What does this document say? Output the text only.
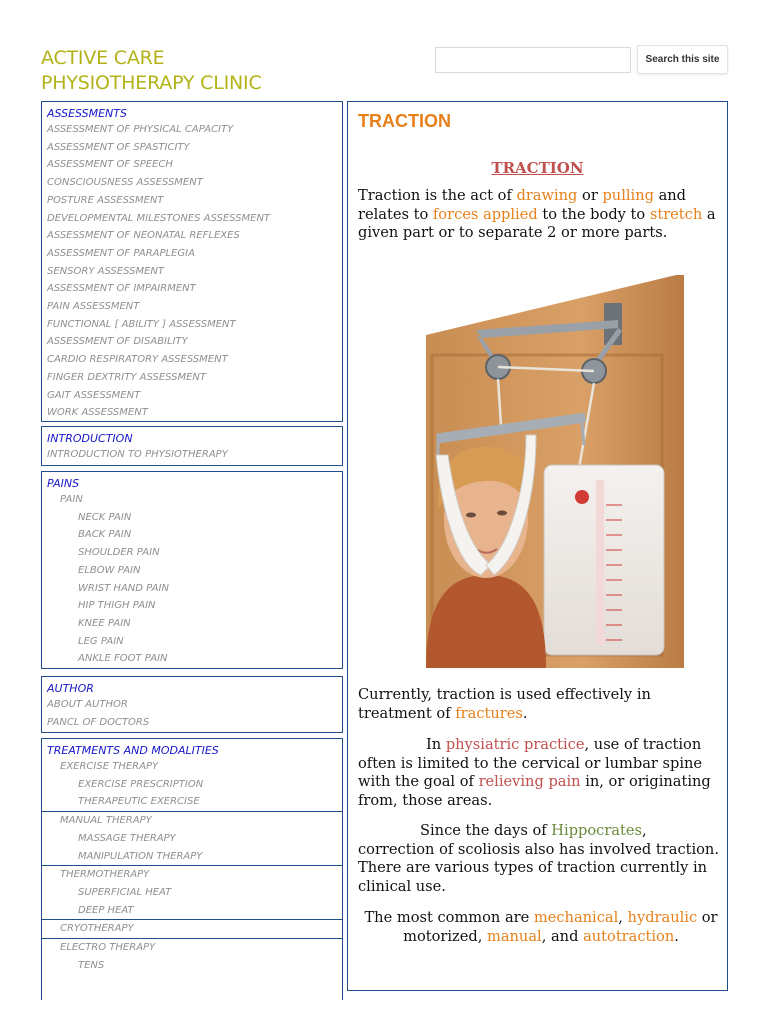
ACTIVE CARE
PHYSIOTHERAPY CLINIC
Search this site
ASSESSMENTS
ASSESSMENT OF PHYSICAL CAPACITY
ASSESSMENT OF SPASTICITY
ASSESSMENT OF SPEECH
CONSCIOUSNESS ASSESSMENT
POSTURE ASSESSMENT
DEVELOPMENTAL MILESTONES ASSESSMENT
ASSESSMENT OF NEONATAL REFLEXES
ASSESSMENT OF PARAPLEGIA
SENSORY ASSESSMENT
ASSESSMENT OF IMPAIRMENT
PAIN ASSESSMENT
FUNCTIONAL [ ABILITY ] ASSESSMENT
ASSESSMENT OF DISABILITY
CARDIO RESPIRATORY ASSESSMENT
FINGER DEXTRITY ASSESSMENT
GAIT ASSESSMENT
WORK ASSESSMENT
INTRODUCTION
INTRODUCTION TO PHYSIOTHERAPY
PAINS
PAIN
NECK PAIN
BACK PAIN
SHOULDER PAIN
ELBOW PAIN
WRIST HAND PAIN
HIP THIGH PAIN
KNEE PAIN
LEG PAIN
ANKLE FOOT PAIN
AUTHOR
ABOUT AUTHOR
PANCL OF DOCTORS
TREATMENTS AND MODALITIES
EXERCISE THERAPY
EXERCISE PRESCRIPTION
THERAPEUTIC EXERCISE
MANUAL THERAPY
MASSAGE THERAPY
MANIPULATION THERAPY
THERMOTHERAPY
SUPERFICIAL HEAT
DEEP HEAT
CRYOTHERAPY
ELECTRO THERAPY
TENS
TRACTION
TRACTION
Traction is the act of drawing or pulling and relates to forces applied to the body to stretch a given part or to separate 2 or more parts.
Currently, traction is used effectively in treatment of fractures.
In physiatric practice, use of traction often is limited to the cervical or lumbar spine with the goal of relieving pain in, or originating from, those areas.
Since the days of Hippocrates, correction of scoliosis also has involved traction. There are various types of traction currently in clinical use.
The most common are mechanical, hydraulic or motorized, manual, and autotraction.
